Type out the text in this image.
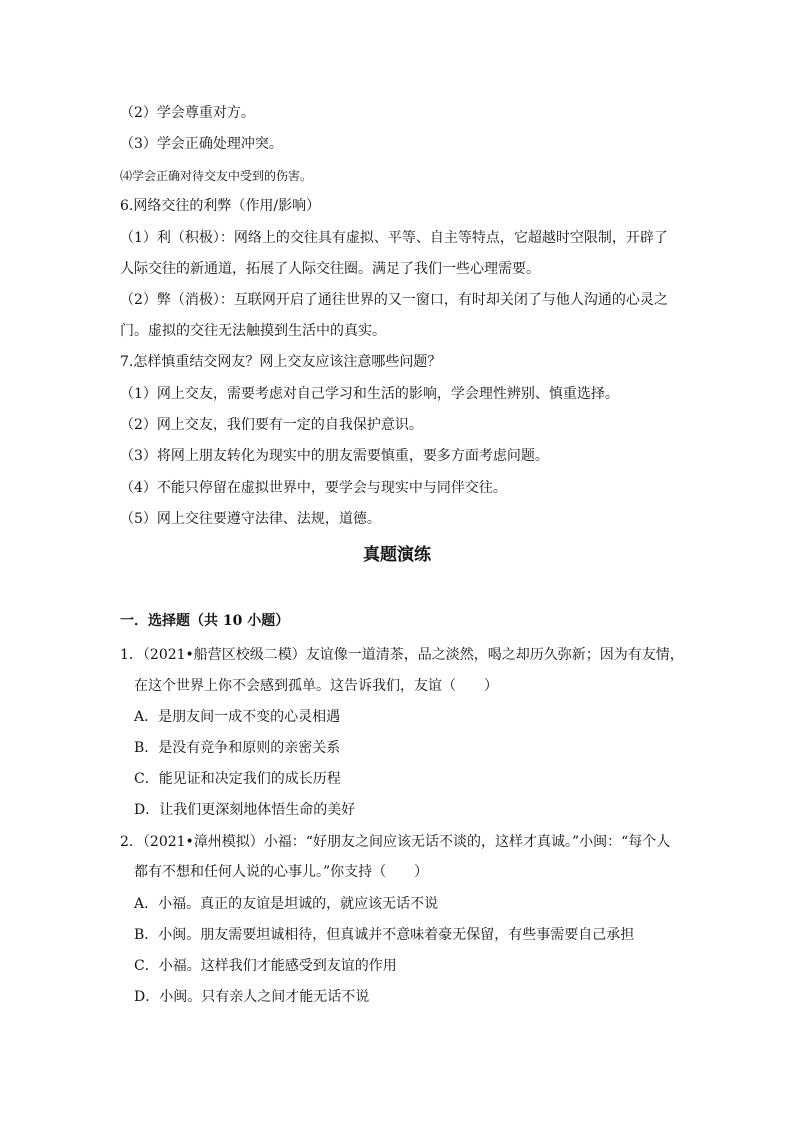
（2）学会尊重对方。
（3）学会正确处理冲突。
⑷学会正确对待交友中受到的伤害。
6.网络交往的利弊（作用/影响）
（1）利（积极）：网络上的交往具有虚拟、平等、自主等特点，它超越时空限制，开辟了
人际交往的新通道，拓展了人际交往圈。满足了我们一些心理需要。
（2）弊（消极）：互联网开启了通往世界的又一窗口，有时却关闭了与他人沟通的心灵之
门。虚拟的交往无法触摸到生活中的真实。
7.怎样慎重结交网友？网上交友应该注意哪些问题？
（1）网上交友，需要考虑对自己学习和生活的影响，学会理性辨别、慎重选择。
（2）网上交友，我们要有一定的自我保护意识。
（3）将网上朋友转化为现实中的朋友需要慎重，要多方面考虑问题。
（4）不能只停留在虚拟世界中，要学会与现实中与同伴交往。
（5）网上交往要遵守法律、法规，道德。
真题演练
一．选择题（共 10 小题）
1．（2021•船营区校级二模）友谊像一道清茶，品之淡然，喝之却历久弥新；因为有友情，
在这个世界上你不会感到孤单。这告诉我们，友谊（　　）
A．是朋友间一成不变的心灵相遇
B．是没有竞争和原则的亲密关系
C．能见证和决定我们的成长历程
D．让我们更深刻地体悟生命的美好
2．（2021•漳州模拟）小福：“好朋友之间应该无话不谈的，这样才真诚。”小闽：“每个人
都有不想和任何人说的心事儿。”你支持（　　）
A．小福。真正的友谊是坦诚的，就应该无话不说
B．小闽。朋友需要坦诚相待，但真诚并不意味着豪无保留，有些事需要自己承担
C．小福。这样我们才能感受到友谊的作用
D．小闽。只有亲人之间才能无话不说
